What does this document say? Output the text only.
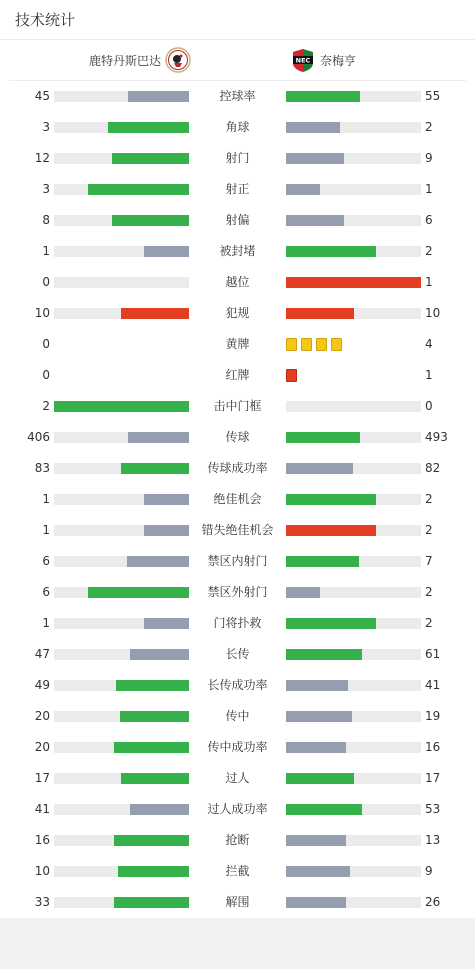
技术统计
鹿特丹斯巴达	NEC 奈梅亨
45	控球率	55
3	角球	2
12	射门	9
3	射正	1
8	射偏	6
1	被封堵	2
0	越位	1
10	犯规	10
0	黄牌	4
0	红牌	1
2	击中门框	0
406	传球	493
83	传球成功率	82
1	绝佳机会	2
1	错失绝佳机会	2
6	禁区内射门	7
6	禁区外射门	2
1	门将扑救	2
47	长传	61
49	长传成功率	41
20	传中	19
20	传中成功率	16
17	过人	17
41	过人成功率	53
16	抢断	13
10	拦截	9
33	解围	26
